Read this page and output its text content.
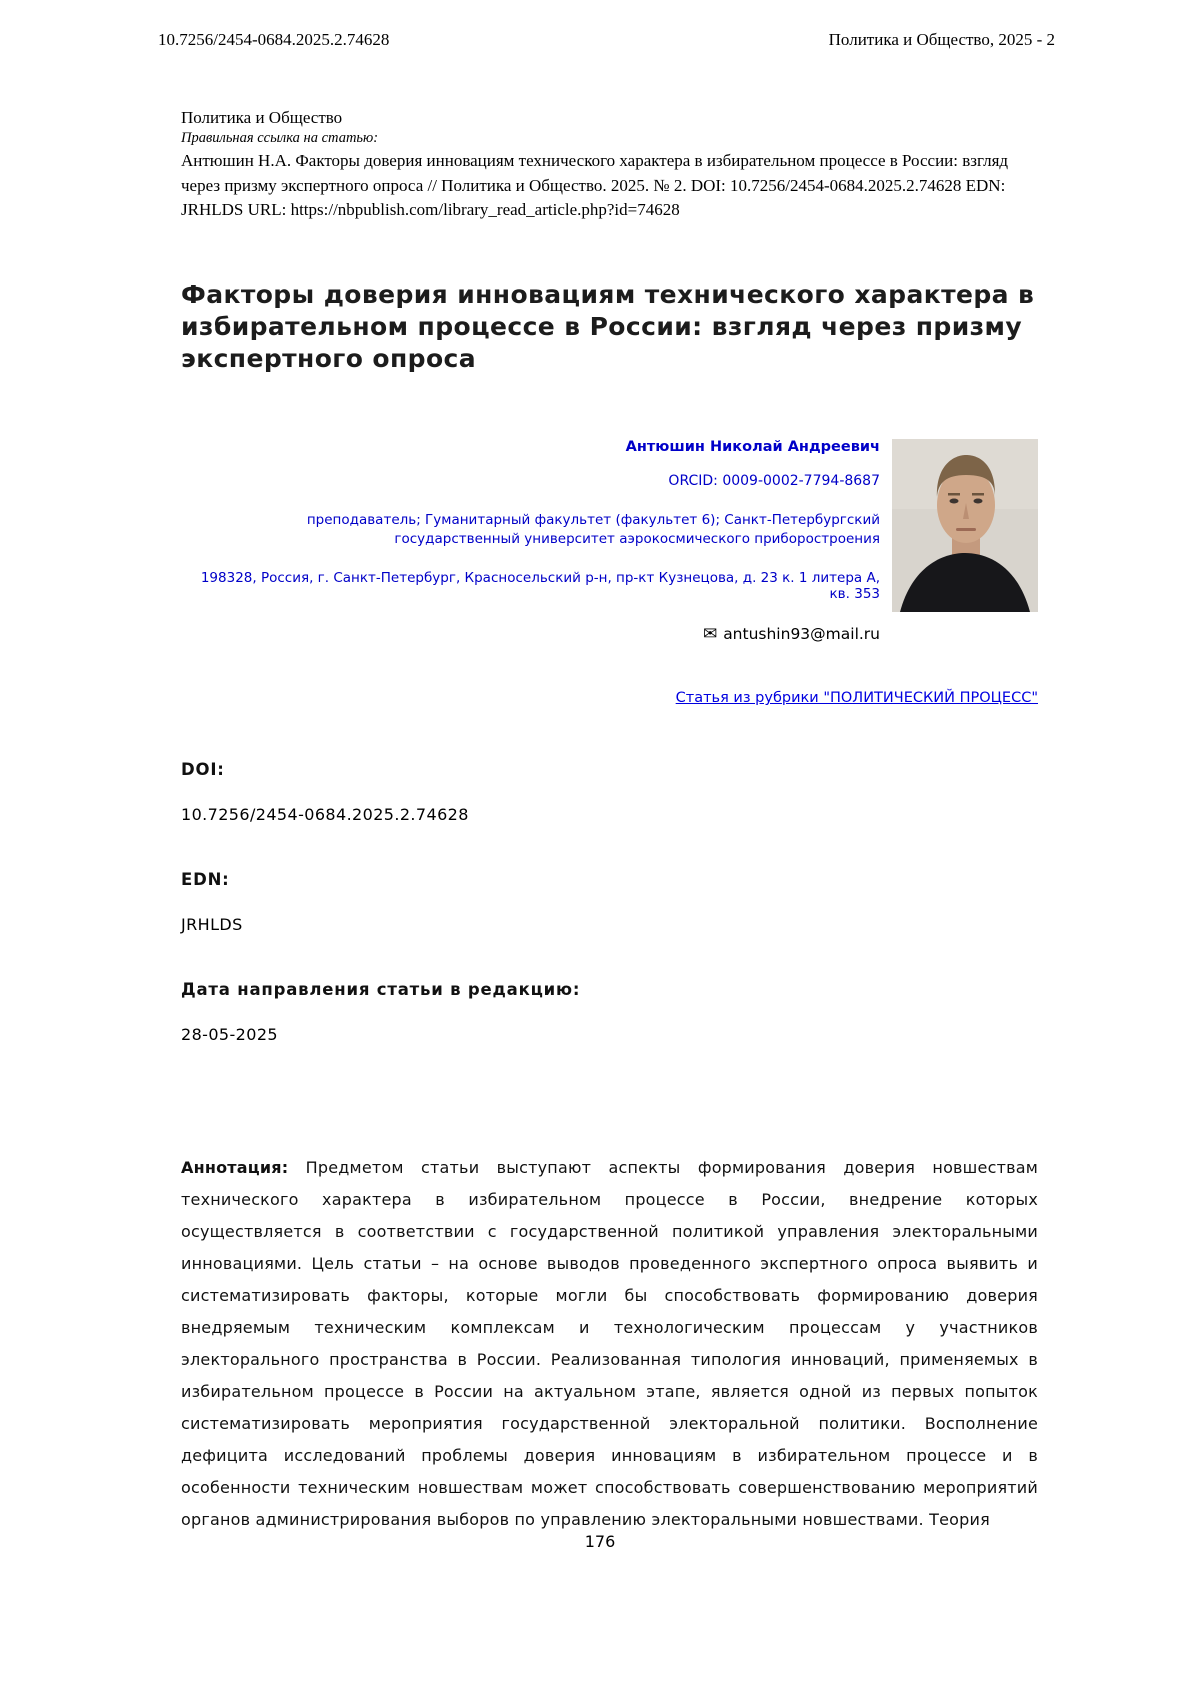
10.7256/2454-0684.2025.2.74628	Политика и Общество, 2025 - 2
Политика и Общество
Правильная ссылка на статью:
Антюшин Н.А. Факторы доверия инновациям технического характера в избирательном процессе в России: взгляд через призму экспертного опроса // Политика и Общество. 2025. № 2. DOI: 10.7256/2454-0684.2025.2.74628 EDN: JRHLDS URL: https://nbpublish.com/library_read_article.php?id=74628
Факторы доверия инновациям технического характера в избирательном процессе в России: взгляд через призму экспертного опроса
Антюшин Николай Андреевич
ORCID: 0009-0002-7794-8687
преподаватель; Гуманитарный факультет (факультет 6); Санкт-Петербургский государственный университет аэрокосмического приборостроения
198328, Россия, г. Санкт-Петербург, Красносельский р-н, пр-кт Кузнецова, д. 23 к. 1 литера А, кв. 353
✉ antushin93@mail.ru
Статья из рубрики "ПОЛИТИЧЕСКИЙ ПРОЦЕСС"
DOI:
10.7256/2454-0684.2025.2.74628
EDN:
JRHLDS
Дата направления статьи в редакцию:
28-05-2025

Аннотация: Предметом статьи выступают аспекты формирования доверия новшествам технического характера в избирательном процессе в России, внедрение которых осуществляется в соответствии с государственной политикой управления электоральными инновациями. Цель статьи – на основе выводов проведенного экспертного опроса выявить и систематизировать факторы, которые могли бы способствовать формированию доверия внедряемым техническим комплексам и технологическим процессам у участников электорального пространства в России. Реализованная типология инноваций, применяемых в избирательном процессе в России на актуальном этапе, является одной из первых попыток систематизировать мероприятия государственной электоральной политики. Восполнение дефицита исследований проблемы доверия инновациям в избирательном процессе и в особенности техническим новшествам может способствовать совершенствованию мероприятий органов администрирования выборов по управлению электоральными новшествами. Теория

176
